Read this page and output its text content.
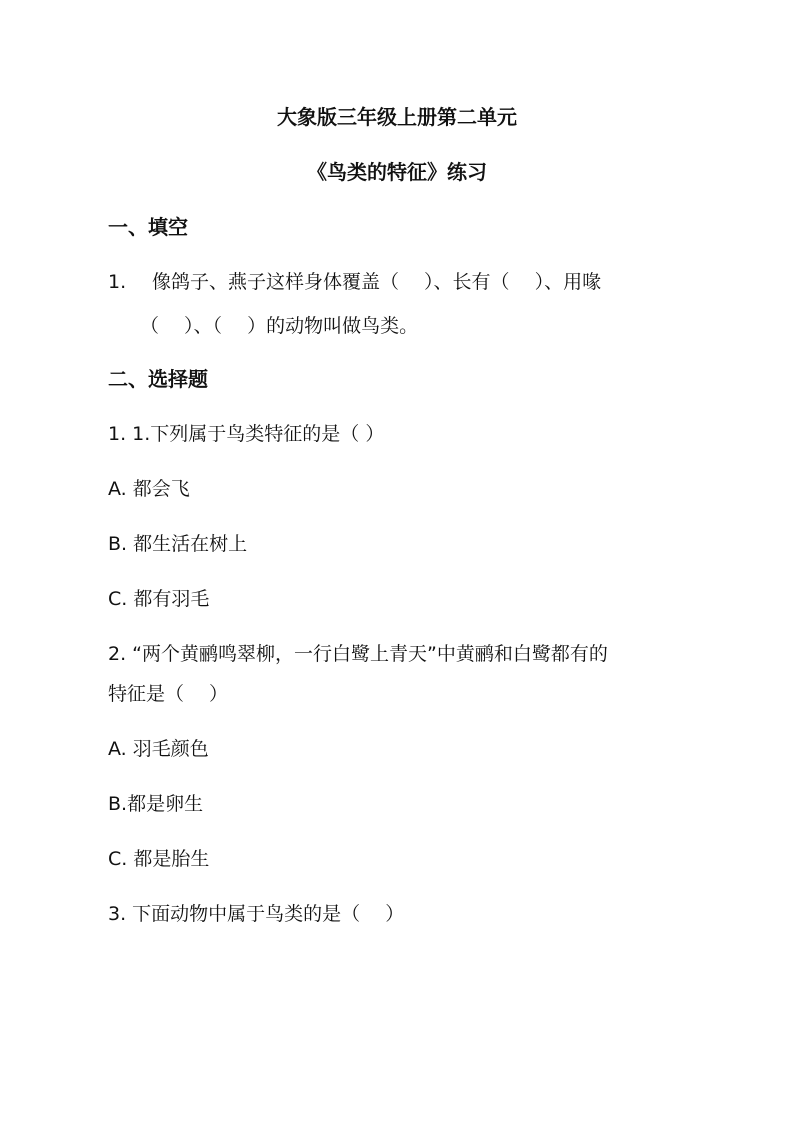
大象版三年级上册第二单元
《鸟类的特征》练习
一、填空
1. 像鸽子、燕子这样身体覆盖（　 ）、长有（　 ）、用喙
（　 ）、（　 ）的动物叫做鸟类。
二、选择题
1. 1.下列属于鸟类特征的是（ ）
A. 都会飞
B. 都生活在树上
C. 都有羽毛
2. “两个黄鹂鸣翠柳，一行白鹭上青天”中黄鹂和白鹭都有的
特征是（　 ）
A. 羽毛颜色
B.都是卵生
C. 都是胎生
3. 下面动物中属于鸟类的是（　 ）
